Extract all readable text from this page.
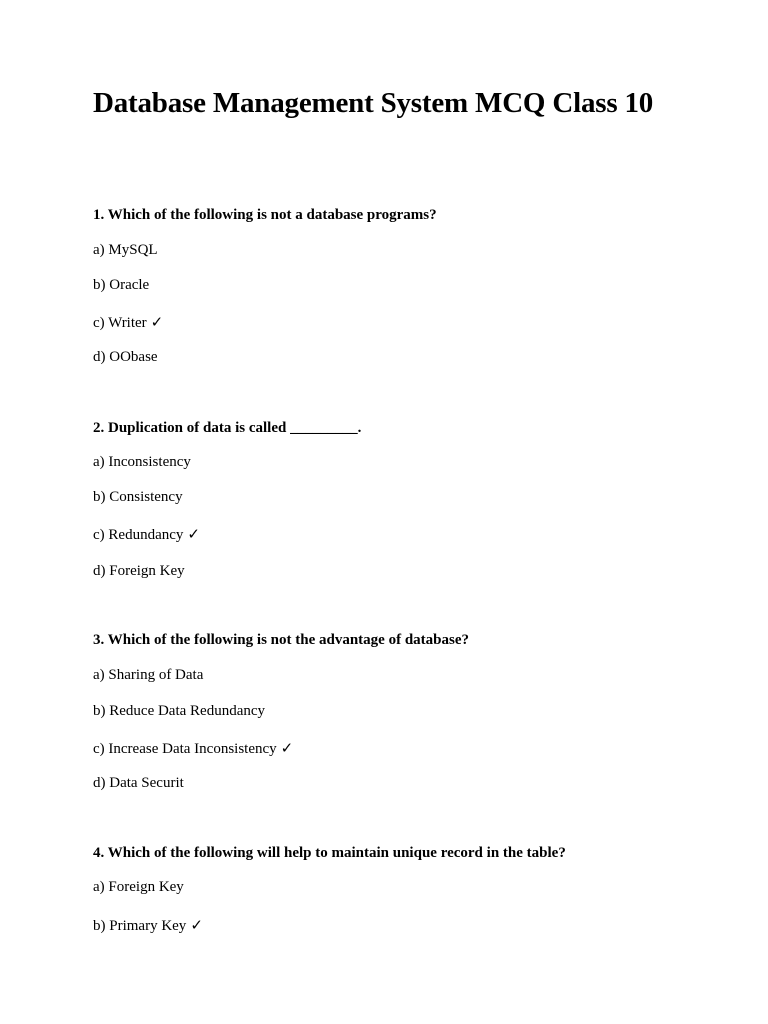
Database Management System MCQ Class 10
1. Which of the following is not a database programs?
a) MySQL
b) Oracle
c) Writer ✓
d) OObase
2. Duplication of data is called _________.
a) Inconsistency
b) Consistency
c) Redundancy ✓
d) Foreign Key
3. Which of the following is not the advantage of database?
a) Sharing of Data
b) Reduce Data Redundancy
c) Increase Data Inconsistency ✓
d) Data Securit
4. Which of the following will help to maintain unique record in the table?
a) Foreign Key
b) Primary Key ✓
